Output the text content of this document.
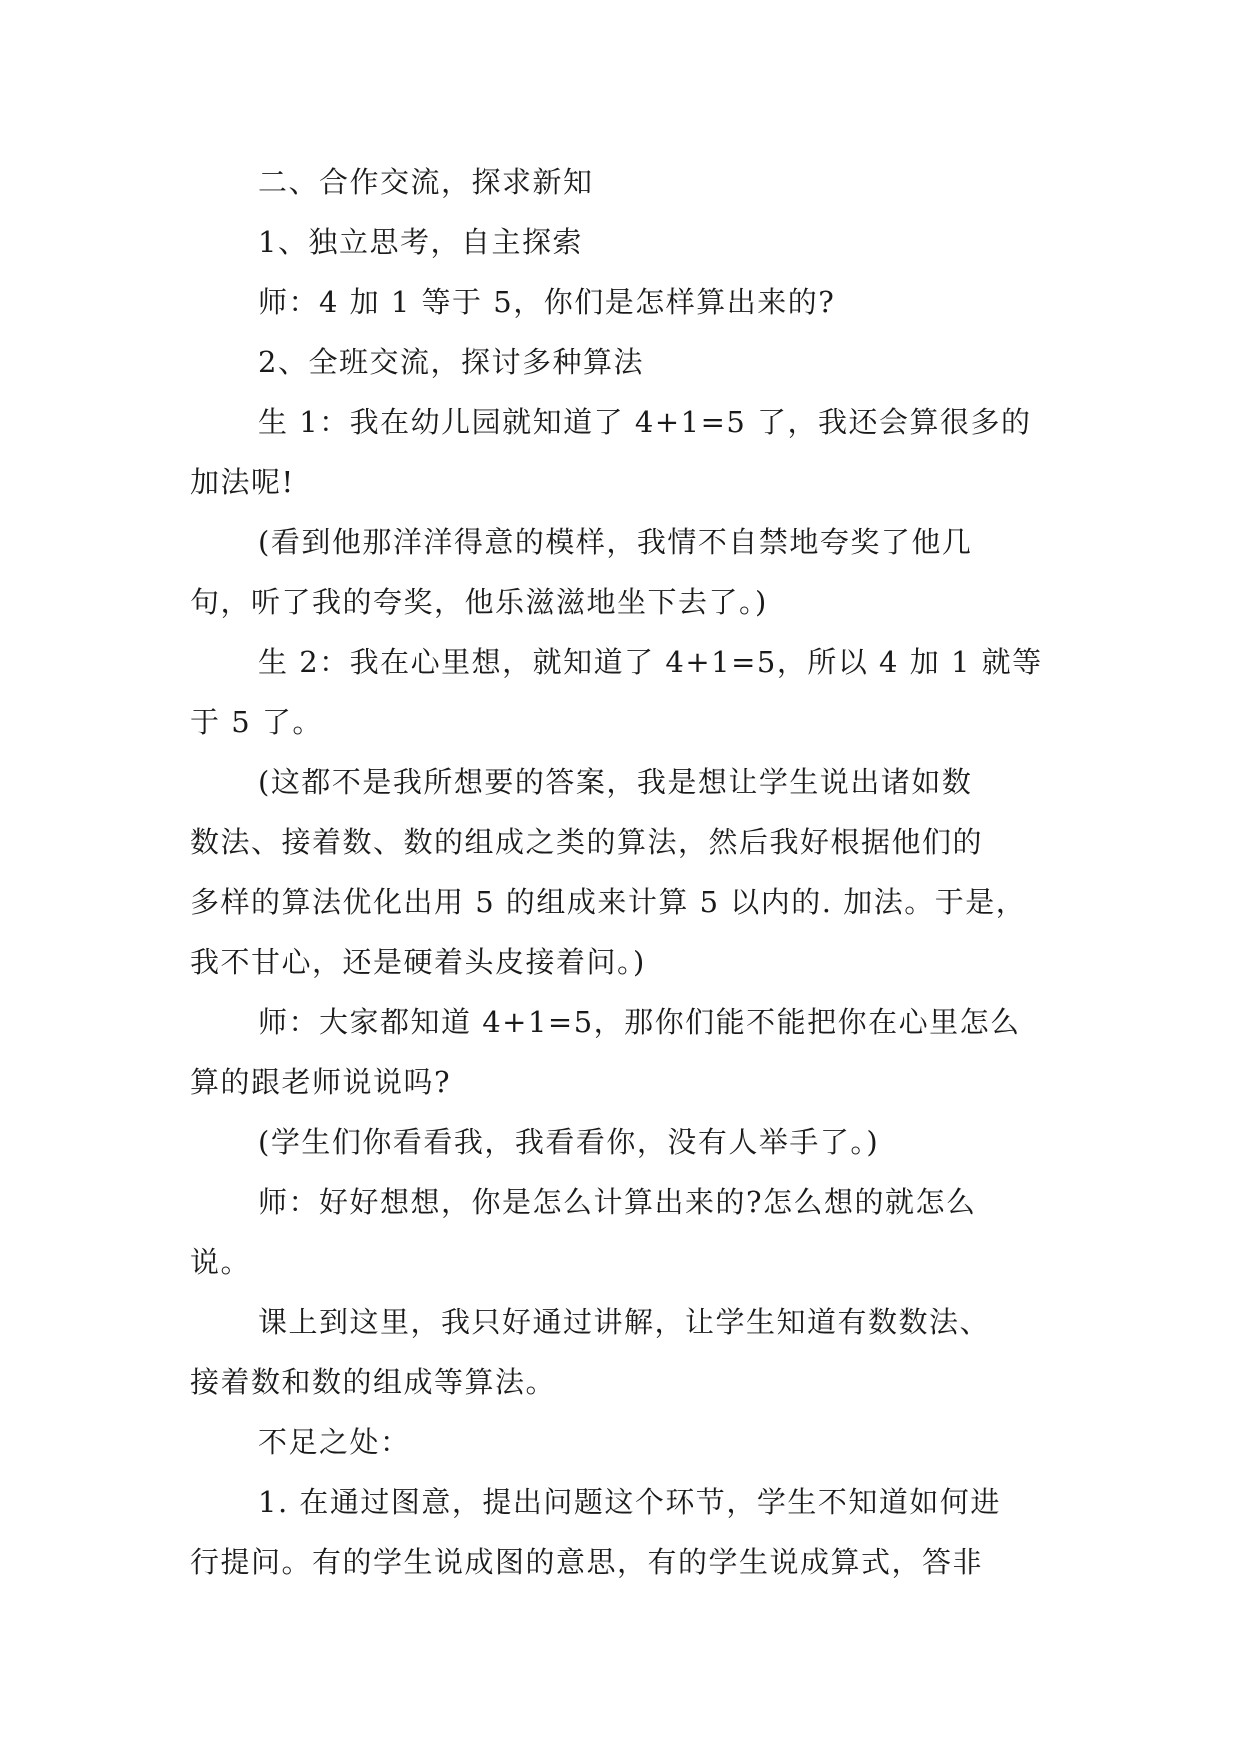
二、合作交流，探求新知

1、独立思考，自主探索

师：4 加 1 等于 5，你们是怎样算出来的?

2、全班交流，探讨多种算法

生 1：我在幼儿园就知道了 4+1=5 了，我还会算很多的

加法呢!

(看到他那洋洋得意的模样，我情不自禁地夸奖了他几

句，听了我的夸奖，他乐滋滋地坐下去了。)

生 2：我在心里想，就知道了 4+1=5，所以 4 加 1 就等

于 5 了。

(这都不是我所想要的答案，我是想让学生说出诸如数

数法、接着数、数的组成之类的算法，然后我好根据他们的

多样的算法优化出用 5 的组成来计算 5 以内的. 加法。于是，

我不甘心，还是硬着头皮接着问。)

师：大家都知道 4+1=5，那你们能不能把你在心里怎么

算的跟老师说说吗?

(学生们你看看我，我看看你，没有人举手了。)

师：好好想想，你是怎么计算出来的?怎么想的就怎么

说。

课上到这里，我只好通过讲解，让学生知道有数数法、

接着数和数的组成等算法。

不足之处：

1. 在通过图意，提出问题这个环节，学生不知道如何进

行提问。有的学生说成图的意思，有的学生说成算式，答非
